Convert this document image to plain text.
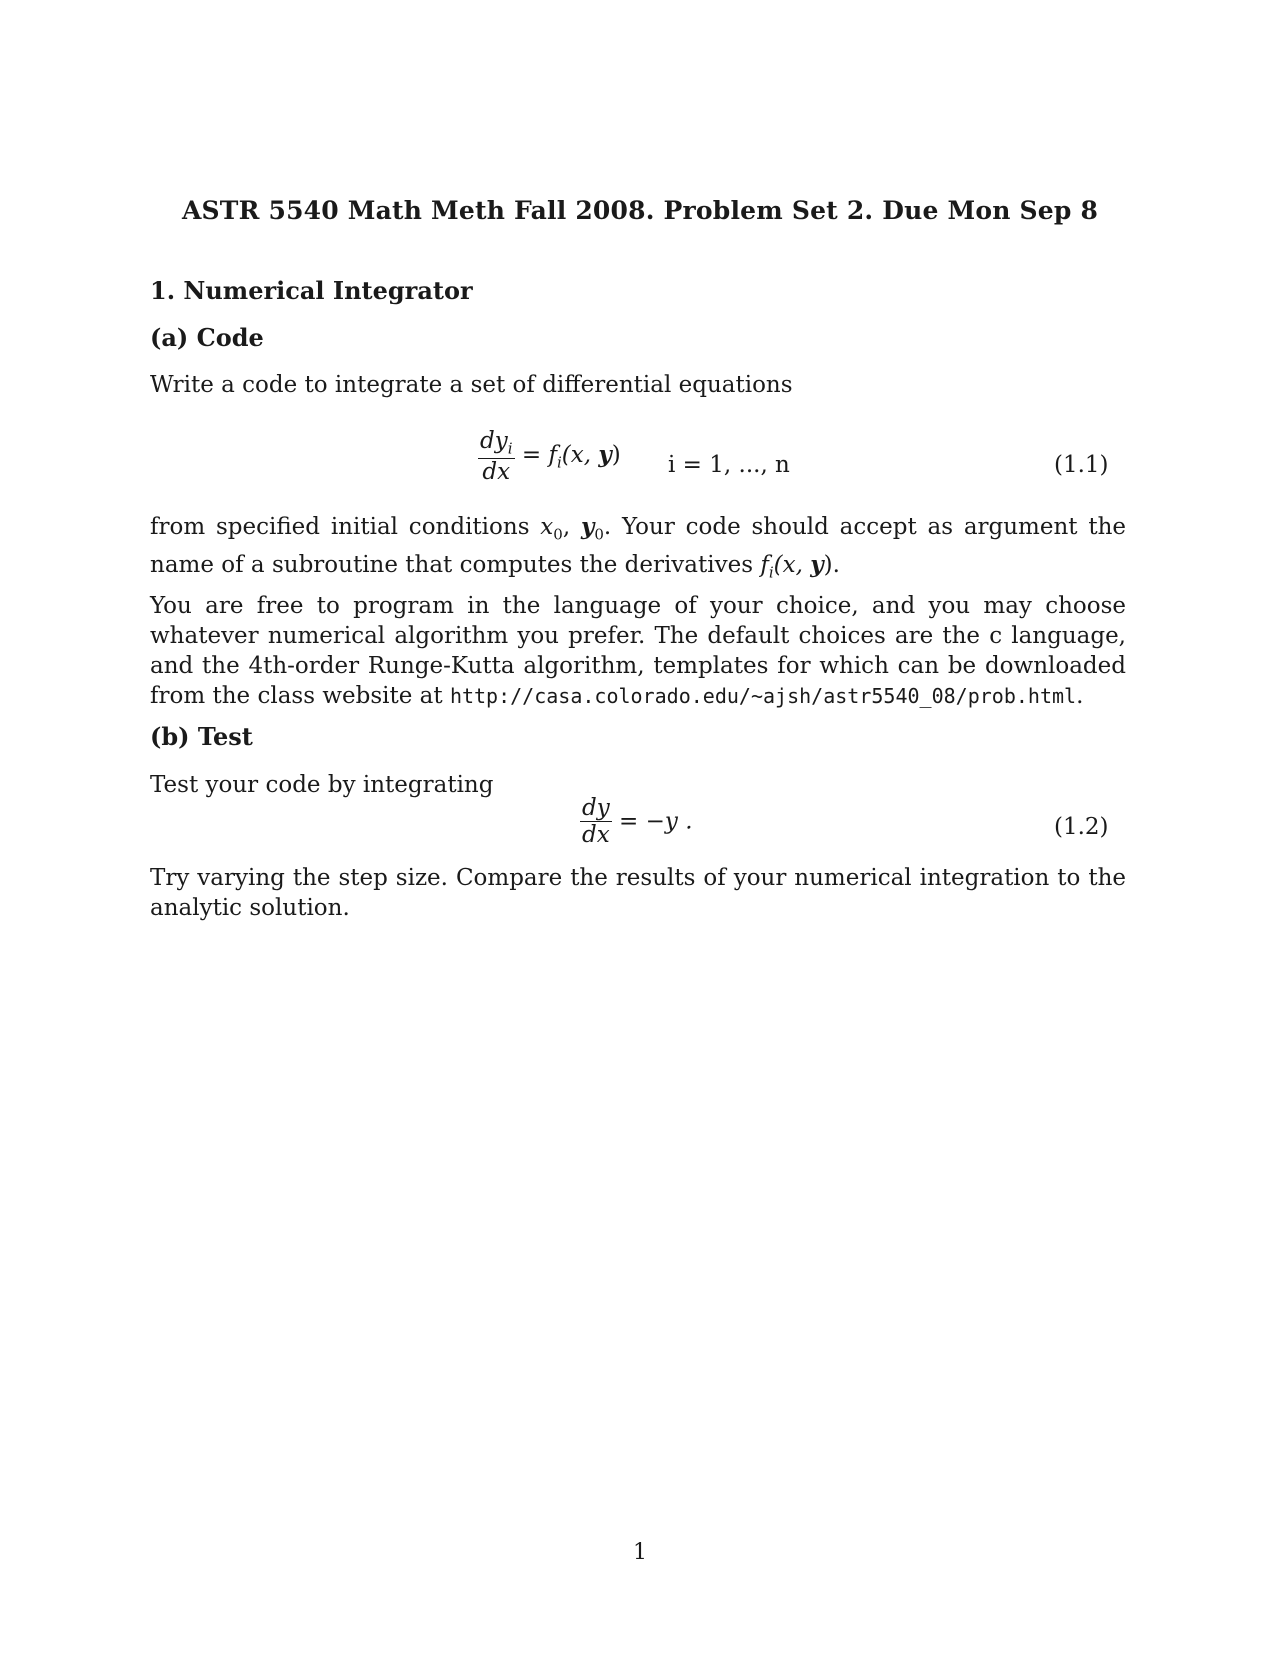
ASTR 5540 Math Meth Fall 2008. Problem Set 2. Due Mon Sep 8
1. Numerical Integrator
(a) Code
Write a code to integrate a set of differential equations
$\frac{dy_i}{dx} = f_i(x$, y) i = 1, ..., n	(1.1)
from specified initial conditions $x_0$, $y_0$. Your code should accept as argument the name of a subroutine that computes the derivatives $f_i(x$, y).
You are free to program in the language of your choice, and you may choose whatever numerical algorithm you prefer. The default choices are the c language, and the 4th-order Runge-Kutta algorithm, templates for which can be downloaded from the class website at http://casa.colorado.edu/~ajsh/astr5540_08/prob.html.
(b) Test
Test your code by integrating
$\frac{dy}{dx} = -y$ .	(1.2)
Try varying the step size. Compare the results of your numerical integration to the analytic solution.
1
